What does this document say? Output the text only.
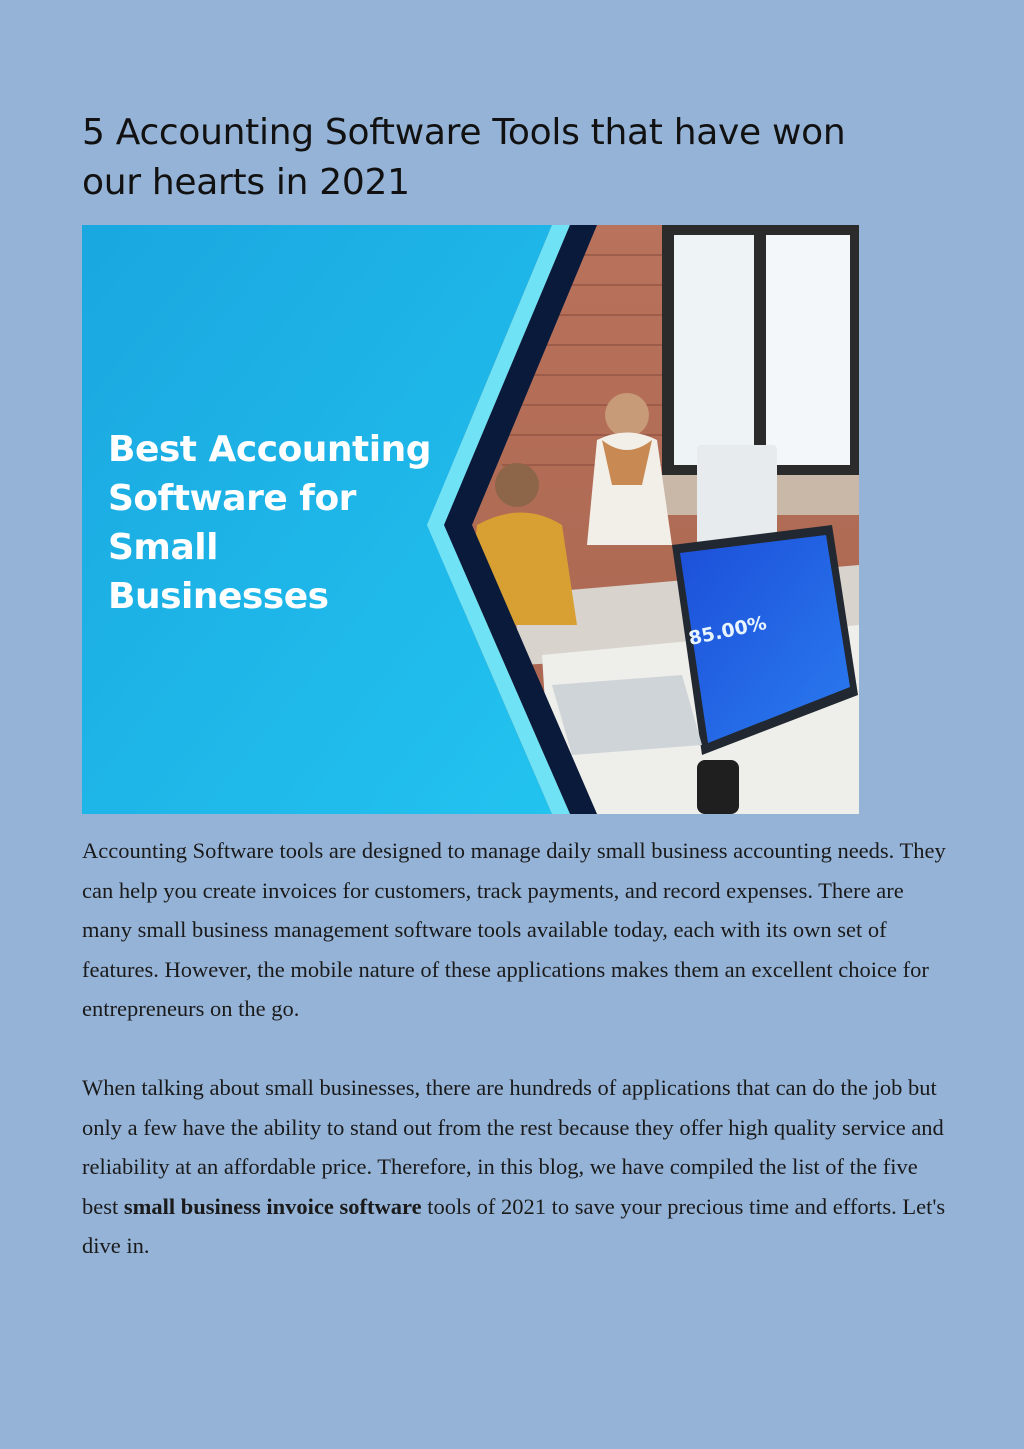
5 Accounting Software Tools that have won
our hearts in 2021
Best Accounting
Software for
Small
Businesses
85.00%

Accounting Software tools are designed to manage daily small business accounting needs. They can help you create invoices for customers, track payments, and record expenses. There are many small business management software tools available today, each with its own set of features. However, the mobile nature of these applications makes them an excellent choice for entrepreneurs on the go.

When talking about small businesses, there are hundreds of applications that can do the job but only a few have the ability to stand out from the rest because they offer high quality service and reliability at an affordable price. Therefore, in this blog, we have compiled the list of the five best small business invoice software tools of 2021 to save your precious time and efforts. Let's dive in.
